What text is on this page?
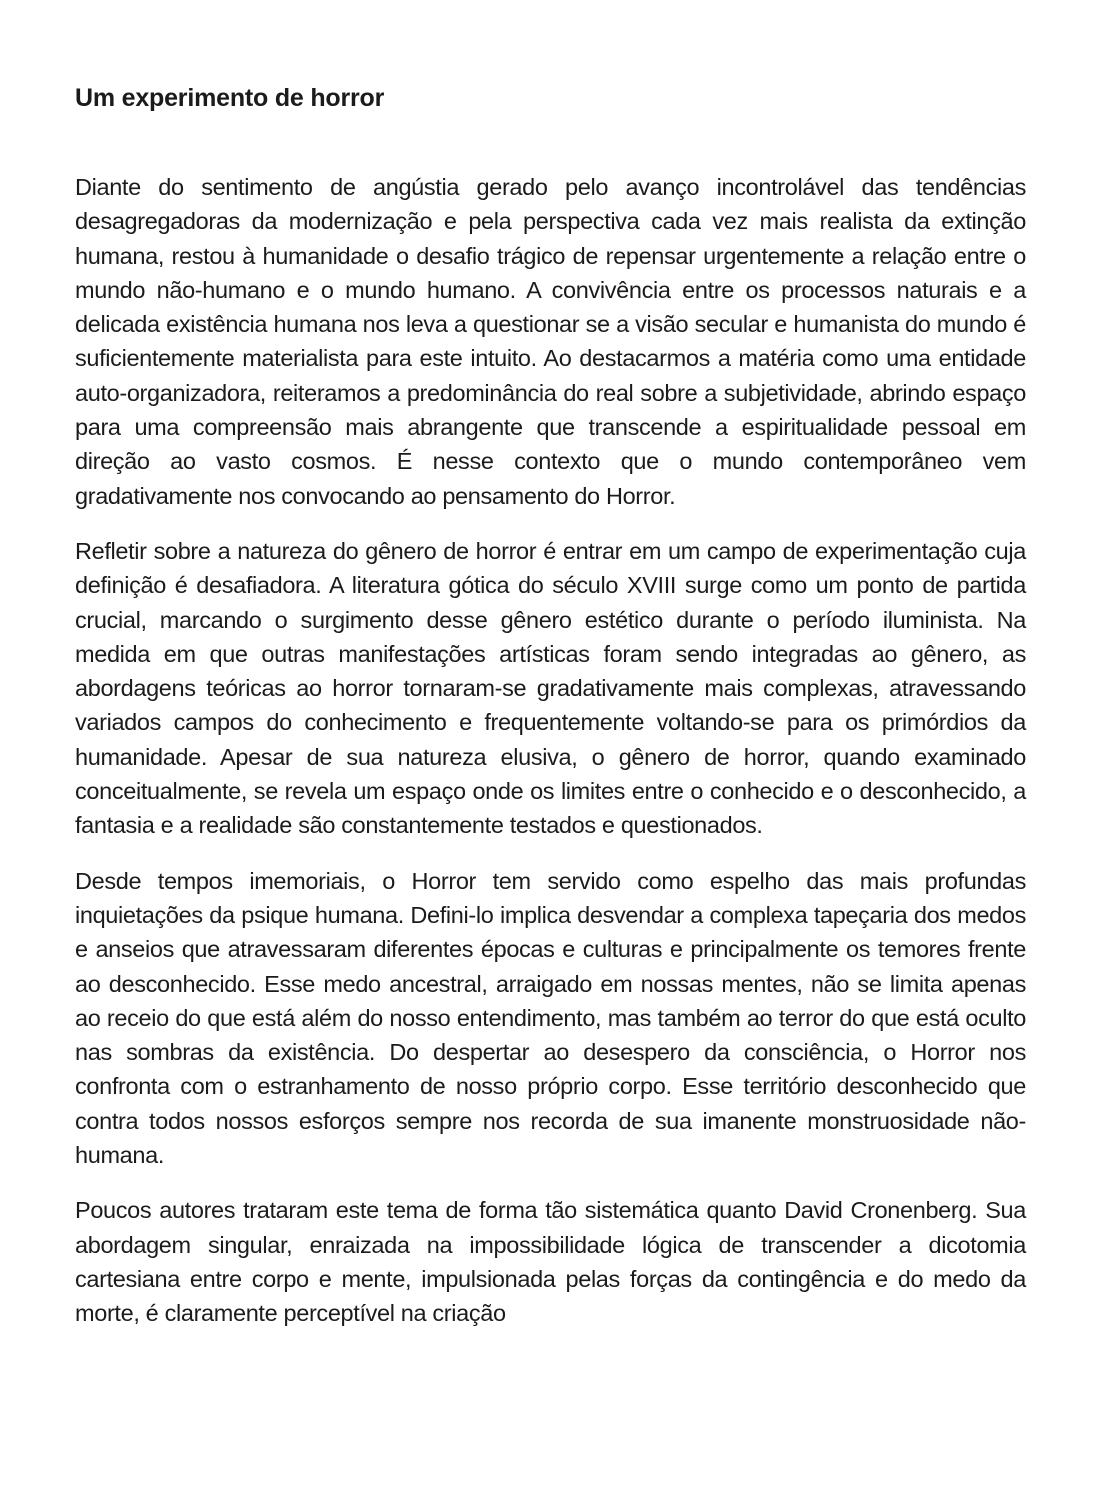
Um experimento de horror

Diante do sentimento de angústia gerado pelo avanço incontrolável das tendências desagregadoras da modernização e pela perspectiva cada vez mais realista da extinção humana, restou à humanidade o desafio trágico de repensar urgentemente a relação entre o mundo não-humano e o mundo humano. A convivência entre os processos naturais e a delicada existência humana nos leva a questionar se a visão secular e humanista do mundo é suficientemente materialista para este intuito. Ao destacarmos a matéria como uma entidade auto-organizadora, reiteramos a predominância do real sobre a subjetividade, abrindo espaço para uma compreensão mais abrangente que transcende a espiritualidade pessoal em direção ao vasto cosmos. É nesse contexto que o mundo contemporâneo vem gradativamente nos convocando ao pensamento do Horror.

Refletir sobre a natureza do gênero de horror é entrar em um campo de experimentação cuja definição é desafiadora. A literatura gótica do século XVIII surge como um ponto de partida crucial, marcando o surgimento desse gênero estético durante o período iluminista. Na medida em que outras manifestações artísticas foram sendo integradas ao gênero, as abordagens teóricas ao horror tornaram-se gradativamente mais complexas, atravessando variados campos do conhecimento e frequentemente voltando-se para os primórdios da humanidade. Apesar de sua natureza elusiva, o gênero de horror, quando examinado conceitualmente, se revela um espaço onde os limites entre o conhecido e o desconhecido, a fantasia e a realidade são constantemente testados e questionados.

Desde tempos imemoriais, o Horror tem servido como espelho das mais profundas inquietações da psique humana. Defini-lo implica desvendar a complexa tapeçaria dos medos e anseios que atravessaram diferentes épocas e culturas e principalmente os temores frente ao desconhecido. Esse medo ancestral, arraigado em nossas mentes, não se limita apenas ao receio do que está além do nosso entendimento, mas também ao terror do que está oculto nas sombras da existência. Do despertar ao desespero da consciência, o Horror nos confronta com o estranhamento de nosso próprio corpo. Esse território desconhecido que contra todos nossos esforços sempre nos recorda de sua imanente monstruosidade não-humana.

Poucos autores trataram este tema de forma tão sistemática quanto David Cronenberg. Sua abordagem singular, enraizada na impossibilidade lógica de transcender a dicotomia cartesiana entre corpo e mente, impulsionada pelas forças da contingência e do medo da morte, é claramente perceptível na criação
